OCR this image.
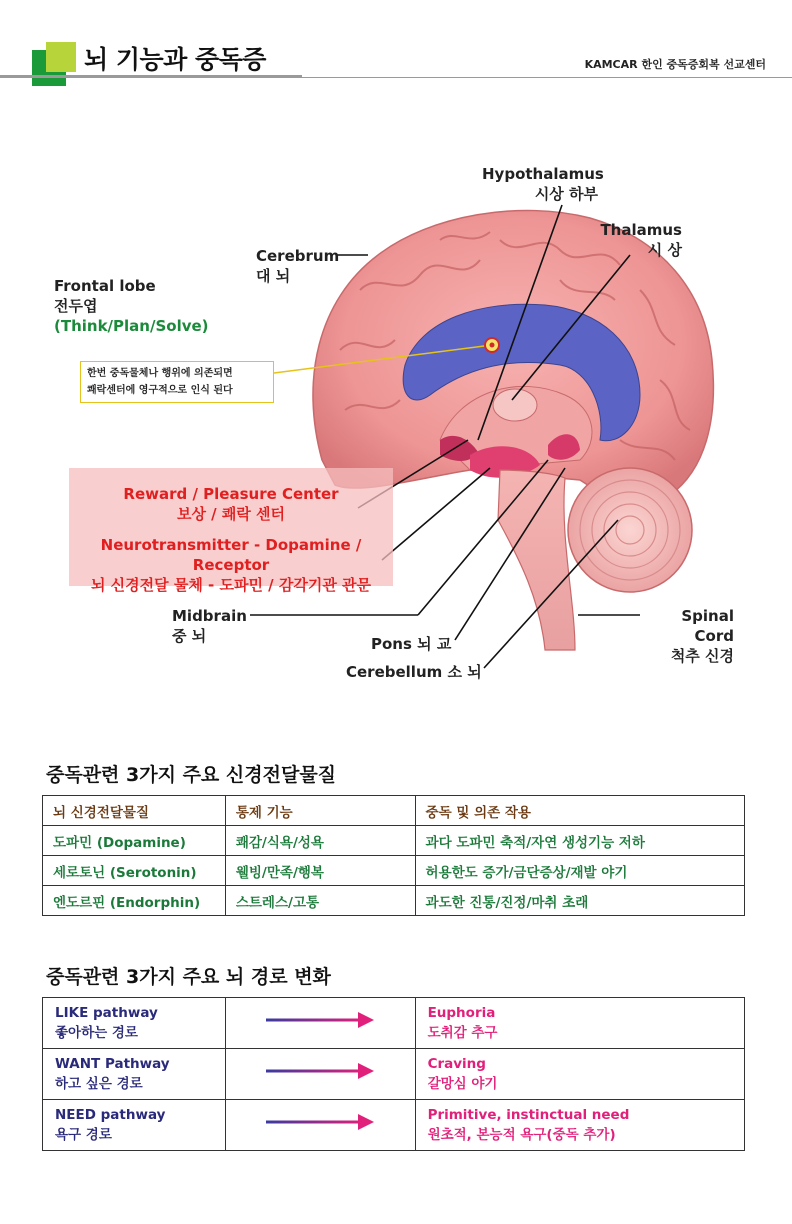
뇌 기능과 중독증	KAMCAR 한인 중독증회복 선교센터
Frontal lobe
전두엽
(Think/Plan/Solve)
Cerebrum
대 뇌
Hypothalamus
시상 하부
Thalamus
시 상
한번 중독물체나 행위에 의존되면
쾌락센터에 영구적으로 인식 된다
Reward / Pleasure Center
보상 / 쾌락 센터
Neurotransmitter - Dopamine / Receptor
뇌 신경전달 물체 - 도파민 / 감각기관 관문
Midbrain
중 뇌	Pons 뇌 교
Cerebellum 소 뇌
Spinal Cord
척추 신경
중독관련 3가지 주요 신경전달물질
뇌 신경전달물질	통제 기능	중독 및 의존 작용
도파민 (Dopamine)	쾌감/식욕/성욕	과다 도파민 축적/자연 생성기능 저하
세로토닌 (Serotonin)	웰빙/만족/행복	허용한도 증가/금단증상/재발 야기
엔도르핀 (Endorphin)	스트레스/고통	과도한 진통/진정/마취 초래
중독관련 3가지 주요 뇌 경로 변화
LIKE pathway
좋아하는 경로		Euphoria
도취감 추구

WANT Pathway
하고 싶은 경로		Craving
갈망심 야기

NEED pathway
욕구 경로		Primitive, instinctual need
원초적, 본능적 욕구(중독 추가)
